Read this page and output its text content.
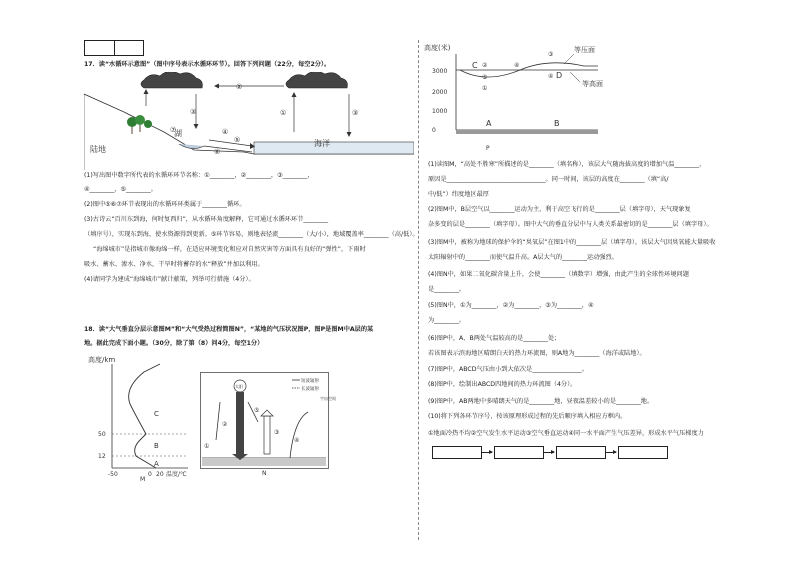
17．读“水循环示意图”（图中序号表示水循环环节）。回答下列问题（22分，每空2分）。
②
③	①	③
④
⑤
⑥
⑦
湖
海洋
陆地
(1)写出图中数字所代表的水循环环节名称：①________，②________，③________，
④________，⑤________。
(2)图中⑤⑥⑦环节表现出的水循环环类属于________循环。
(3)古诗云“百川东到海，何时复西归”，从水循环角度解释，它可通过水循环环节________
（填序号），实现东到海，使水资源得到更新。⑤环节容易，则地表径流________（大/小），地域覆盖率________（高/低）。
“海绵城市”是指城市像海绵一样，在适应环境变化和应对自然灾害等方面具有良好的“弹性”，下雨时
吸水、蓄水、渗水、净水，干旱时将蓄存的水“释放”并加以利用。
(4)请同学为建成“海绵城市”献计献策，列举可行措施（4分）。
18．读“大气垂直分层示意图M”和“大气受热过程简图N”，“某地的气压状况图P，图P是图M中A层的某
地。据此完成下面小题。（30分，除了第（8）问4分，每空1分）
高度/km
A
B
C
50
12
-50	0 20 温度/℃
M
太阳
短波辐射
长波辐射
字宙空间
①
②
③
④
⑤
N
高度(米)
0
1000
2000
3000
等压面
等高面
C ②
⑤
①
④
③
④ D
A	B
P
(1)读图M，“高处不胜寒”所描述的是________（填名称），该层大气随海拔高度的增加气温________，
原因是________________________________。同一时间，该层的高度在________（填“高/
中/低”）纬度地区最厚
(2)图M中，B层空气以________运动为主，利于高空飞行的是________层（填字母），天气现象复
杂多变的层是________（填字母）。图中大气的垂直分层中与人类关系最密切的是________层（填字母）。
(3)图M中，被称为地球的保护伞的“臭氧层”在图1中的________层（填字母），该层大气因臭氧能大量吸收
太阳辐射中的________而使气温升高。A层大气的________运动强烈。
(4)图N中，如果二氧化碳含量上升，会使________（填数字）增强，由此产生的全球性环境问题
是________。
(5)图N中，①为________，②为________，③为________，④
为________。
(6)图P中，A、B两处气温较高的是________处；
若该图表示滨海地区晴朗白天的热力环流图，则A地为________（海洋或陆地）。
(7)图P中，ABCD气压由小到大依次是________________。
(8)图P中，绘制出ABCD四地间的热力环流图（4分）。
(9)图P中，AB两地中多晴朗天气的是________地，昼夜温差较小的是________地。
(10)将下列各环节序号，按该原理形成过程的先后顺序填入相应方框内。
①地面冷热不均②空气发生水平运动③空气垂直运动④同一水平面产生气压差异，形成水平气压梯度力
